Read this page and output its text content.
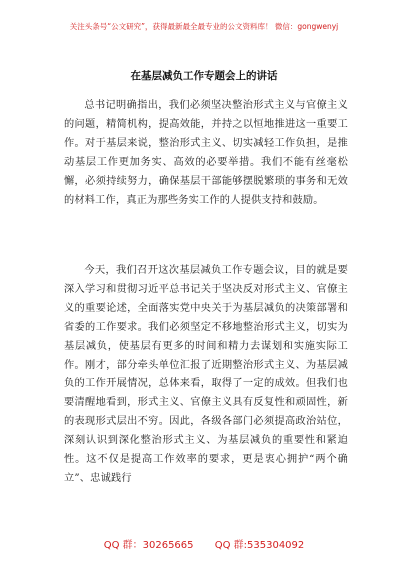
关注头条号“公文研究”，获得最新最全最专业的公文资料库！ 微信：gongwenyj
在基层减负工作专题会上的讲话

总书记明确指出，我们必须坚决整治形式主义与官僚主义的问题，精简机构，提高效能，并持之以恒地推进这一重要工作。对于基层来说，整治形式主义、切实减轻工作负担，是推动基层工作更加务实、高效的必要举措。我们不能有丝毫松懈，必须持续努力，确保基层干部能够摆脱繁琐的事务和无效的材料工作，真正为那些务实工作的人提供支持和鼓励。

今天，我们召开这次基层减负工作专题会议，目的就是要深入学习和贯彻习近平总书记关于坚决反对形式主义、官僚主义的重要论述，全面落实党中央关于为基层减负的决策部署和省委的工作要求。我们必须坚定不移地整治形式主义，切实为基层减负，使基层有更多的时间和精力去谋划和实施实际工作。刚才，部分牵头单位汇报了近期整治形式主义、为基层减负的工作开展情况，总体来看，取得了一定的成效。但我们也要清醒地看到，形式主义、官僚主义具有反复性和顽固性，新的表现形式层出不穷。因此，各级各部门必须提高政治站位，深刻认识到深化整治形式主义、为基层减负的重要性和紧迫性。这不仅是提高工作效率的要求，更是衷心拥护“两个确立”、忠诚践行

QQ 群：30265665 QQ 群:535304092
